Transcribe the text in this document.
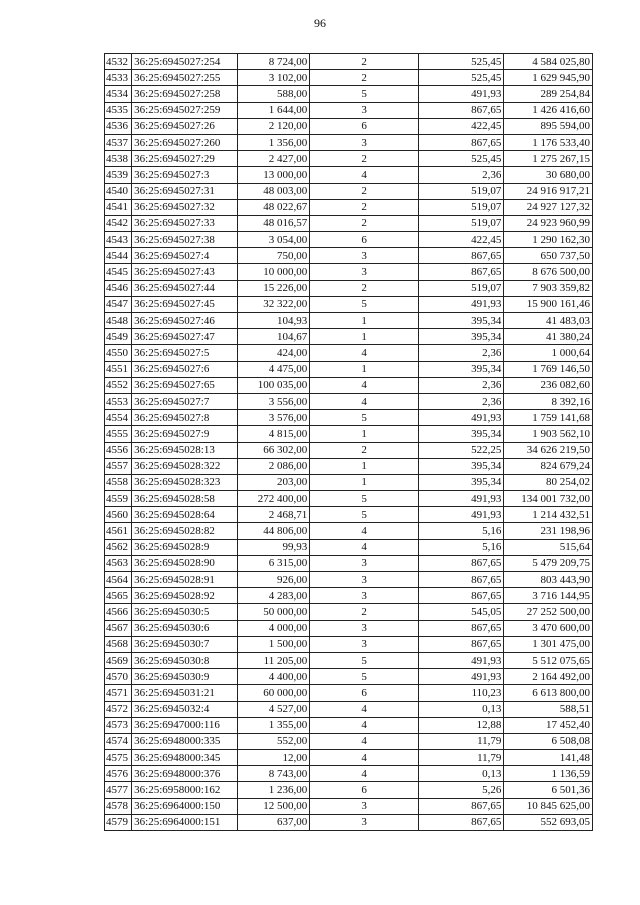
96
4532	36:25:6945027:254	8 724,00	2	525,45	4 584 025,80
4533	36:25:6945027:255	3 102,00	2	525,45	1 629 945,90
4534	36:25:6945027:258	588,00	5	491,93	289 254,84
4535	36:25:6945027:259	1 644,00	3	867,65	1 426 416,60
4536	36:25:6945027:26	2 120,00	6	422,45	895 594,00
4537	36:25:6945027:260	1 356,00	3	867,65	1 176 533,40
4538	36:25:6945027:29	2 427,00	2	525,45	1 275 267,15
4539	36:25:6945027:3	13 000,00	4	2,36	30 680,00
4540	36:25:6945027:31	48 003,00	2	519,07	24 916 917,21
4541	36:25:6945027:32	48 022,67	2	519,07	24 927 127,32
4542	36:25:6945027:33	48 016,57	2	519,07	24 923 960,99
4543	36:25:6945027:38	3 054,00	6	422,45	1 290 162,30
4544	36:25:6945027:4	750,00	3	867,65	650 737,50
4545	36:25:6945027:43	10 000,00	3	867,65	8 676 500,00
4546	36:25:6945027:44	15 226,00	2	519,07	7 903 359,82
4547	36:25:6945027:45	32 322,00	5	491,93	15 900 161,46
4548	36:25:6945027:46	104,93	1	395,34	41 483,03
4549	36:25:6945027:47	104,67	1	395,34	41 380,24
4550	36:25:6945027:5	424,00	4	2,36	1 000,64
4551	36:25:6945027:6	4 475,00	1	395,34	1 769 146,50
4552	36:25:6945027:65	100 035,00	4	2,36	236 082,60
4553	36:25:6945027:7	3 556,00	4	2,36	8 392,16
4554	36:25:6945027:8	3 576,00	5	491,93	1 759 141,68
4555	36:25:6945027:9	4 815,00	1	395,34	1 903 562,10
4556	36:25:6945028:13	66 302,00	2	522,25	34 626 219,50
4557	36:25:6945028:322	2 086,00	1	395,34	824 679,24
4558	36:25:6945028:323	203,00	1	395,34	80 254,02
4559	36:25:6945028:58	272 400,00	5	491,93	134 001 732,00
4560	36:25:6945028:64	2 468,71	5	491,93	1 214 432,51
4561	36:25:6945028:82	44 806,00	4	5,16	231 198,96
4562	36:25:6945028:9	99,93	4	5,16	515,64
4563	36:25:6945028:90	6 315,00	3	867,65	5 479 209,75
4564	36:25:6945028:91	926,00	3	867,65	803 443,90
4565	36:25:6945028:92	4 283,00	3	867,65	3 716 144,95
4566	36:25:6945030:5	50 000,00	2	545,05	27 252 500,00
4567	36:25:6945030:6	4 000,00	3	867,65	3 470 600,00
4568	36:25:6945030:7	1 500,00	3	867,65	1 301 475,00
4569	36:25:6945030:8	11 205,00	5	491,93	5 512 075,65
4570	36:25:6945030:9	4 400,00	5	491,93	2 164 492,00
4571	36:25:6945031:21	60 000,00	6	110,23	6 613 800,00
4572	36:25:6945032:4	4 527,00	4	0,13	588,51
4573	36:25:6947000:116	1 355,00	4	12,88	17 452,40
4574	36:25:6948000:335	552,00	4	11,79	6 508,08
4575	36:25:6948000:345	12,00	4	11,79	141,48
4576	36:25:6948000:376	8 743,00	4	0,13	1 136,59
4577	36:25:6958000:162	1 236,00	6	5,26	6 501,36
4578	36:25:6964000:150	12 500,00	3	867,65	10 845 625,00
4579	36:25:6964000:151	637,00	3	867,65	552 693,05
